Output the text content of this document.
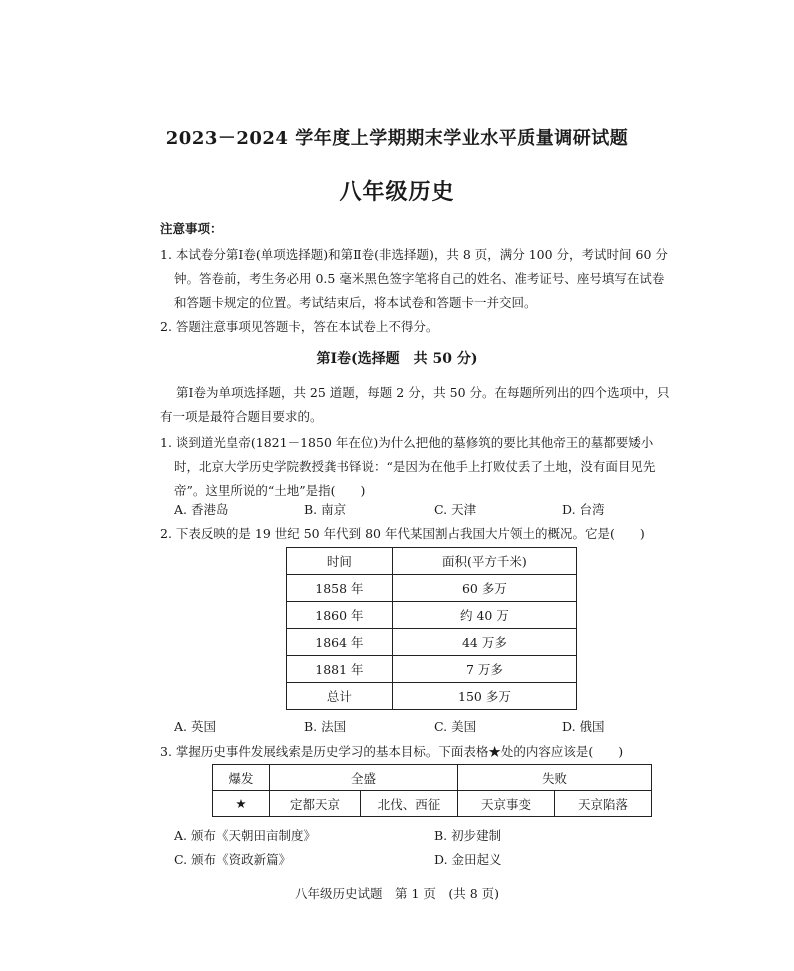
2023－2024 学年度上学期期末学业水平质量调研试题
八年级历史
注意事项：
1. 本试卷分第Ⅰ卷(单项选择题)和第Ⅱ卷(非选择题)，共 8 页，满分 100 分，考试时间 60 分
钟。答卷前，考生务必用 0.5 毫米黑色签字笔将自己的姓名、准考证号、座号填写在试卷
和答题卡规定的位置。考试结束后，将本试卷和答题卡一并交回。
2. 答题注意事项见答题卡，答在本试卷上不得分。
第Ⅰ卷(选择题　共 50 分)
第Ⅰ卷为单项选择题，共 25 道题，每题 2 分，共 50 分。在每题所列出的四个选项中，只
有一项是最符合题目要求的。
1. 谈到道光皇帝(1821－1850 年在位)为什么把他的墓修筑的要比其他帝王的墓都要矮小
时，北京大学历史学院教授龚书铎说：“是因为在他手上打败仗丢了土地，没有面目见先
帝”。这里所说的“土地”是指(　　)
A. 香港岛	B. 南京	C. 天津	D. 台湾
2. 下表反映的是 19 世纪 50 年代到 80 年代某国割占我国大片领土的概况。它是(　　)
时间	面积(平方千米)
1858 年	60 多万
1860 年	约 40 万
1864 年	44 万多
1881 年	7 万多
总计	150 多万
A. 英国	B. 法国	C. 美国	D. 俄国
3. 掌握历史事件发展线索是历史学习的基本目标。下面表格★处的内容应该是(　　)
爆发	全盛		失败	
★	定都天京	北伐、西征	天京事变	天京陷落
A. 颁布《天朝田亩制度》	B. 初步建制
C. 颁布《资政新篇》	D. 金田起义
八年级历史试题　第 1 页　(共 8 页)
